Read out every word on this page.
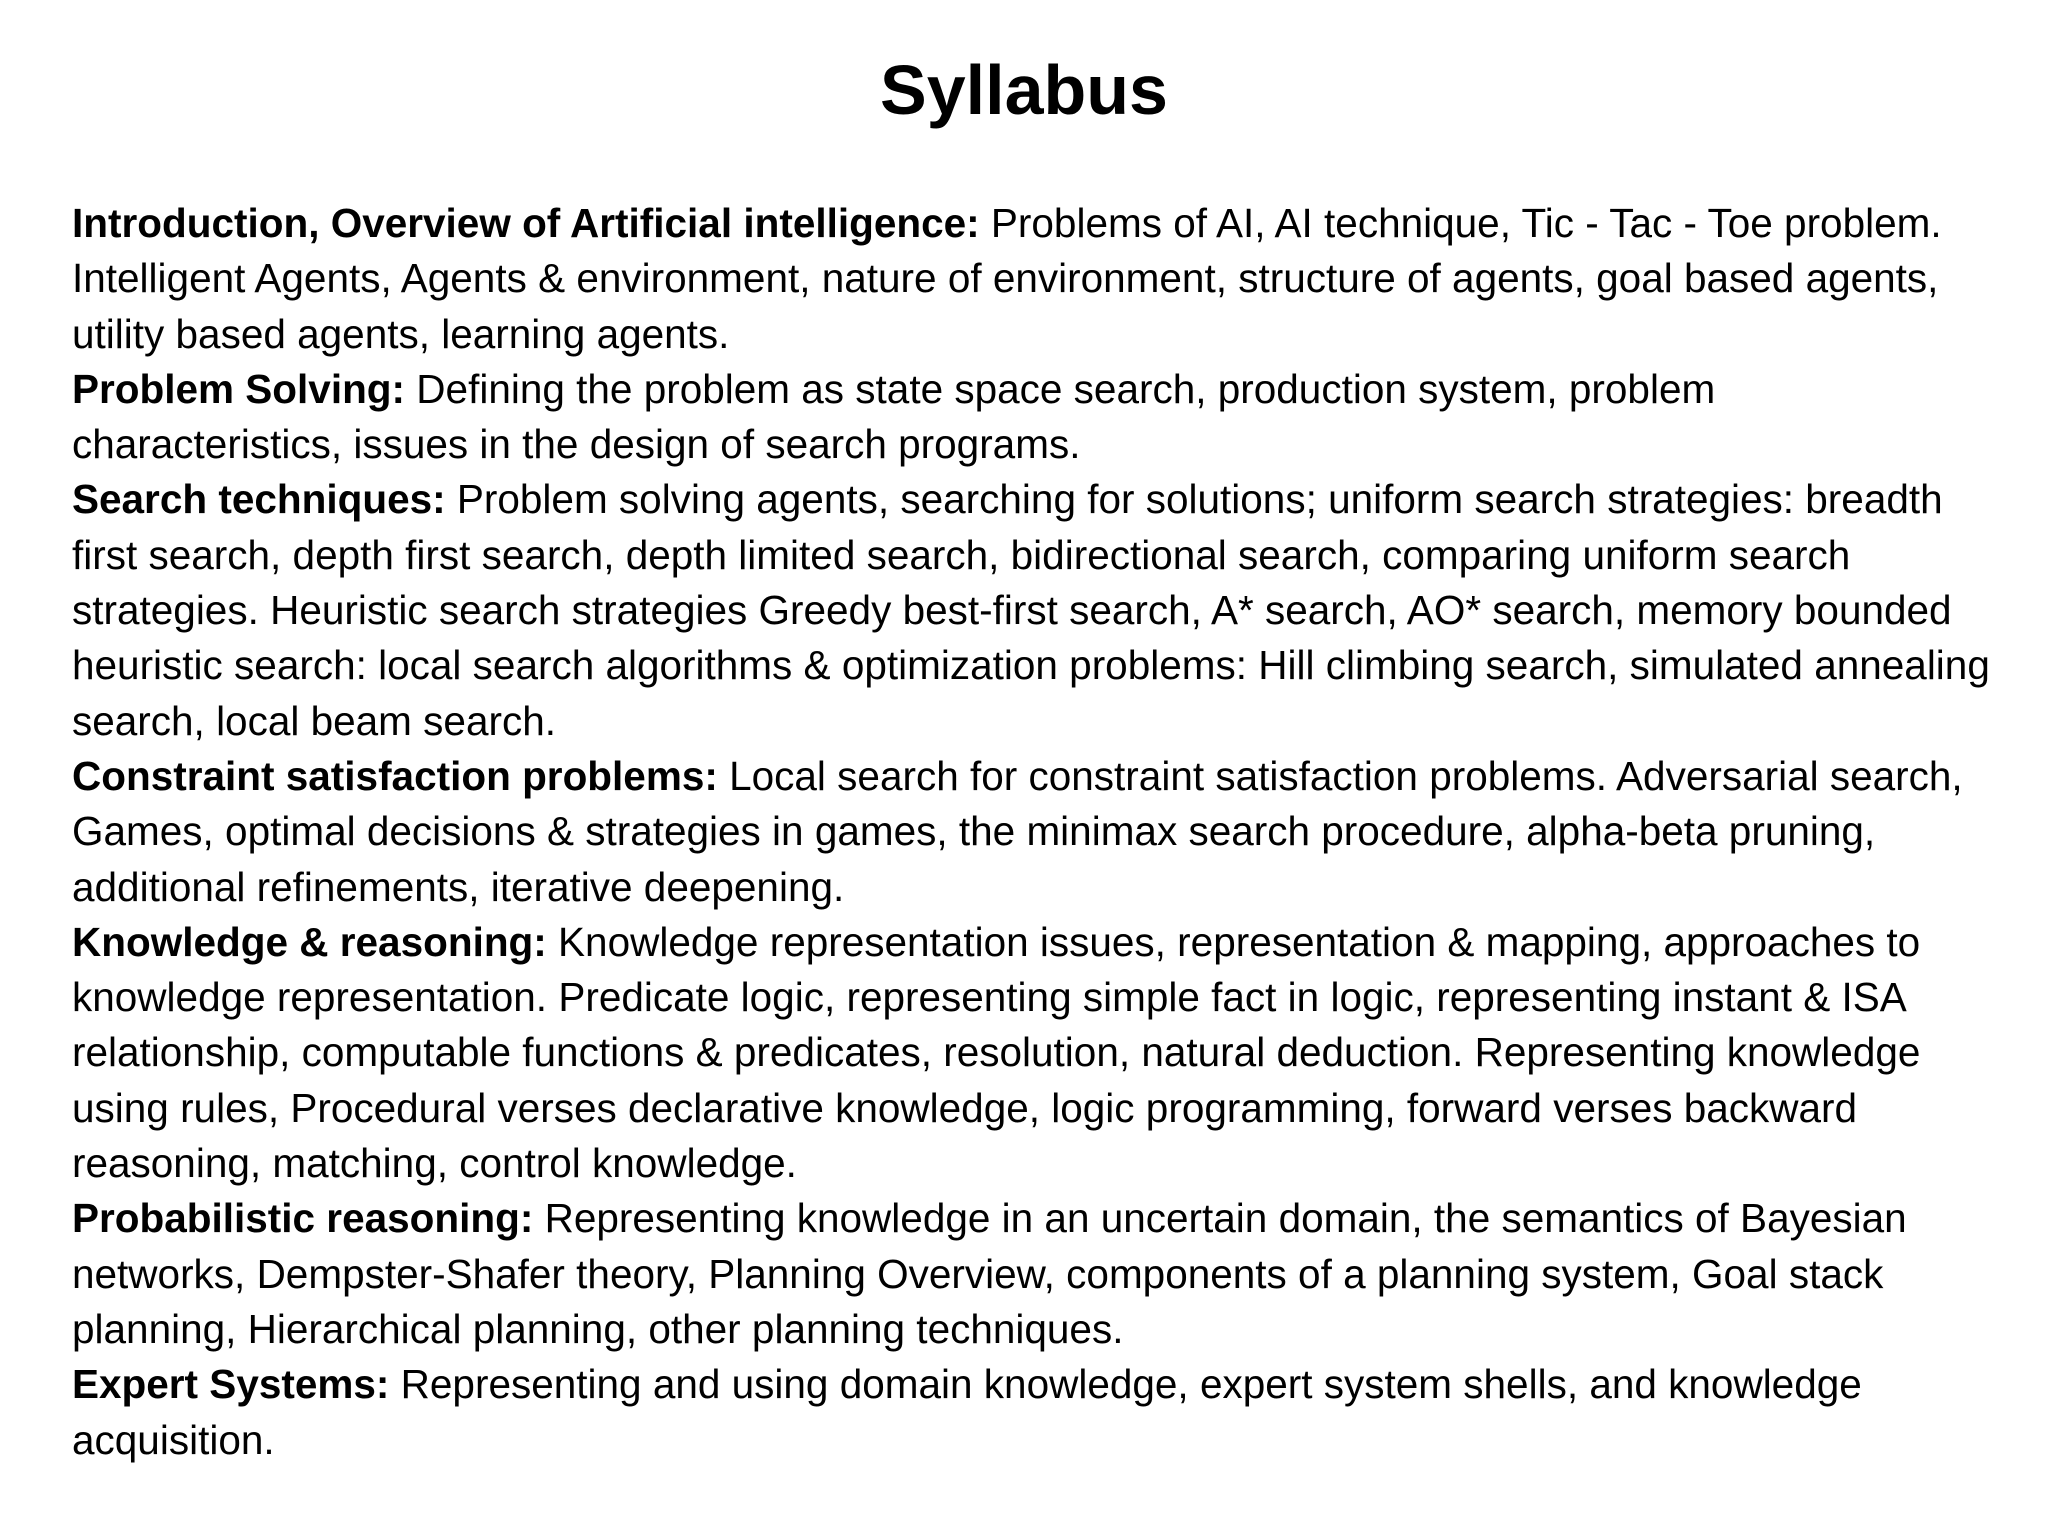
Syllabus

Introduction, Overview of Artificial intelligence: Problems of AI, AI technique, Tic - Tac - Toe problem. Intelligent Agents, Agents & environment, nature of environment, structure of agents, goal based agents, utility based agents, learning agents.

Problem Solving: Defining the problem as state space search, production system, problem characteristics, issues in the design of search programs.

Search techniques: Problem solving agents, searching for solutions; uniform search strategies: breadth first search, depth first search, depth limited search, bidirectional search, comparing uniform search strategies. Heuristic search strategies Greedy best-first search, A* search, AO* search, memory bounded heuristic search: local search algorithms & optimization problems: Hill climbing search, simulated annealing search, local beam search.

Constraint satisfaction problems: Local search for constraint satisfaction problems. Adversarial search, Games, optimal decisions & strategies in games, the minimax search procedure, alpha-beta pruning, additional refinements, iterative deepening.

Knowledge & reasoning: Knowledge representation issues, representation & mapping, approaches to knowledge representation. Predicate logic, representing simple fact in logic, representing instant & ISA relationship, computable functions & predicates, resolution, natural deduction. Representing knowledge using rules, Procedural verses declarative knowledge, logic programming, forward verses backward reasoning, matching, control knowledge.

Probabilistic reasoning: Representing knowledge in an uncertain domain, the semantics of Bayesian networks, Dempster-Shafer theory, Planning Overview, components of a planning system, Goal stack planning, Hierarchical planning, other planning techniques.

Expert Systems: Representing and using domain knowledge, expert system shells, and knowledge acquisition.
